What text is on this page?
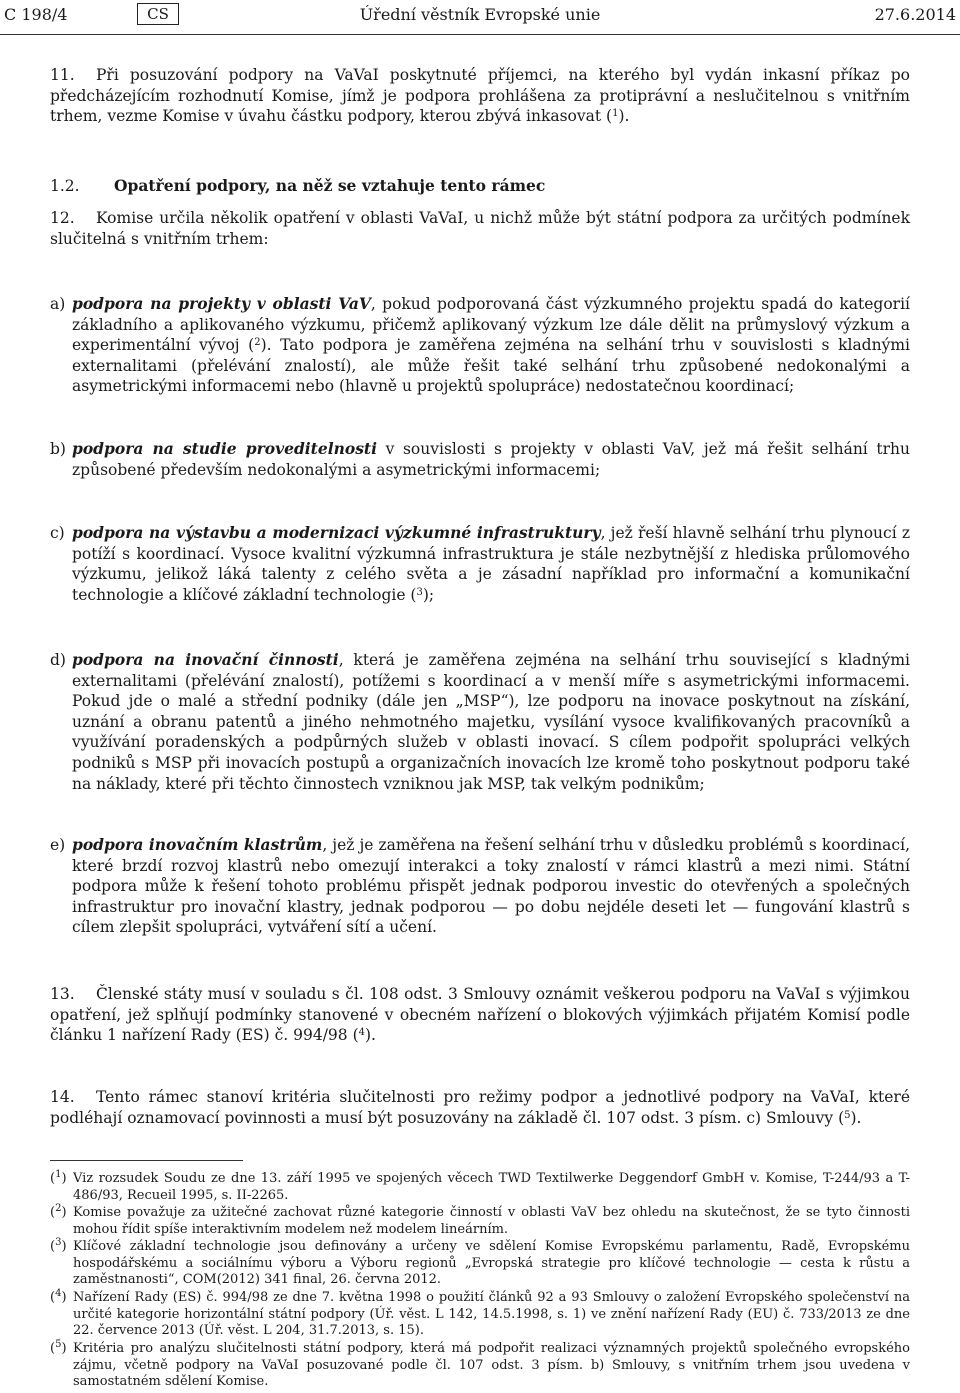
C 198/4	CS	Úřední věstník Evropské unie	27.6.2014

11. Při posuzování podpory na VaVaI poskytnuté příjemci, na kterého byl vydán inkasní příkaz po předcházejícím rozhodnutí Komise, jímž je podpora prohlášena za protiprávní a neslučitelnou s vnitřním trhem, vezme Komise v úvahu částku podpory, kterou zbývá inkasovat ($^1$).

1.2. Opatření podpory, na něž se vztahuje tento rámec

12. Komise určila několik opatření v oblasti VaVaI, u nichž může být státní podpora za určitých podmínek slučitelná s vnitřním trhem:

a) podpora na projekty v oblasti VaV, pokud podporovaná část výzkumného projektu spadá do kategorií základního a aplikovaného výzkumu, přičemž aplikovaný výzkum lze dále dělit na průmyslový výzkum a experimentální vývoj ($^2$). Tato podpora je zaměřena zejména na selhání trhu v souvislosti s kladnými externalitami (přelévání znalostí), ale může řešit také selhání trhu způsobené nedokonalými a asymetrickými informacemi nebo (hlavně u projektů spolupráce) nedostatečnou koordinací;
b) podpora na studie proveditelnosti v souvislosti s projekty v oblasti VaV, jež má řešit selhání trhu způsobené především nedokonalými a asymetrickými informacemi;
c) podpora na výstavbu a modernizaci výzkumné infrastruktury, jež řeší hlavně selhání trhu plynoucí z potíží s koordinací. Vysoce kvalitní výzkumná infrastruktura je stále nezbytnější z hlediska průlomového výzkumu, jelikož láká talenty z celého světa a je zásadní například pro informační a komunikační technologie a klíčové základní technologie ($^3$);
d) podpora na inovační činnosti, která je zaměřena zejména na selhání trhu související s kladnými externalitami (přelévání znalostí), potížemi s koordinací a v menší míře s asymetrickými informacemi. Pokud jde o malé a střední podniky (dále jen „MSP“), lze podporu na inovace poskytnout na získání, uznání a obranu patentů a jiného nehmotného majetku, vysílání vysoce kvalifikovaných pracovníků a využívání poradenských a podpůrných služeb v oblasti inovací. S cílem podpořit spolupráci velkých podniků s MSP při inovacích postupů a organizačních inovacích lze kromě toho poskytnout podporu také na náklady, které při těchto činnostech vzniknou jak MSP, tak velkým podnikům;
e) podpora inovačním klastrům, jež je zaměřena na řešení selhání trhu v důsledku problémů s koordinací, které brzdí rozvoj klastrů nebo omezují interakci a toky znalostí v rámci klastrů a mezi nimi. Státní podpora může k řešení tohoto problému přispět jednak podporou investic do otevřených a společných infrastruktur pro inovační klastry, jednak podporou — po dobu nejdéle deseti let — fungování klastrů s cílem zlepšit spolupráci, vytváření sítí a učení.

13. Členské státy musí v souladu s čl. 108 odst. 3 Smlouvy oznámit veškerou podporu na VaVaI s výjimkou opatření, jež splňují podmínky stanovené v obecném nařízení o blokových výjimkách přijatém Komisí podle článku 1 nařízení Rady (ES) č. 994/98 ($^4$).

14. Tento rámec stanoví kritéria slučitelnosti pro režimy podpor a jednotlivé podpory na VaVaI, které podléhají oznamovací povinnosti a musí být posuzovány na základě čl. 107 odst. 3 písm. c) Smlouvy ($^5$).

($^1$) Viz rozsudek Soudu ze dne 13. září 1995 ve spojených věcech TWD Textilwerke Deggendorf GmbH v. Komise, T-244/93 a T-486/93, Recueil 1995, s. II-2265.
($^2$) Komise považuje za užitečné zachovat různé kategorie činností v oblasti VaV bez ohledu na skutečnost, že se tyto činnosti mohou řídit spíše interaktivním modelem než modelem lineárním.
($^3$) Klíčové základní technologie jsou definovány a určeny ve sdělení Komise Evropskému parlamentu, Radě, Evropskému hospodářskému a sociálnímu výboru a Výboru regionů „Evropská strategie pro klíčové technologie — cesta k růstu a zaměstnanosti“, COM(2012) 341 final, 26. června 2012.
($^4$) Nařízení Rady (ES) č. 994/98 ze dne 7. května 1998 o použití článků 92 a 93 Smlouvy o založení Evropského společenství na určité kategorie horizontální státní podpory (Úř. věst. L 142, 14.5.1998, s. 1) ve znění nařízení Rady (EU) č. 733/2013 ze dne 22. července 2013 (Úř. věst. L 204, 31.7.2013, s. 15).
($^5$) Kritéria pro analýzu slučitelnosti státní podpory, která má podpořit realizaci významných projektů společného evropského zájmu, včetně podpory na VaVaI posuzované podle čl. 107 odst. 3 písm. b) Smlouvy, s vnitřním trhem jsou uvedena v samostatném sdělení Komise.
